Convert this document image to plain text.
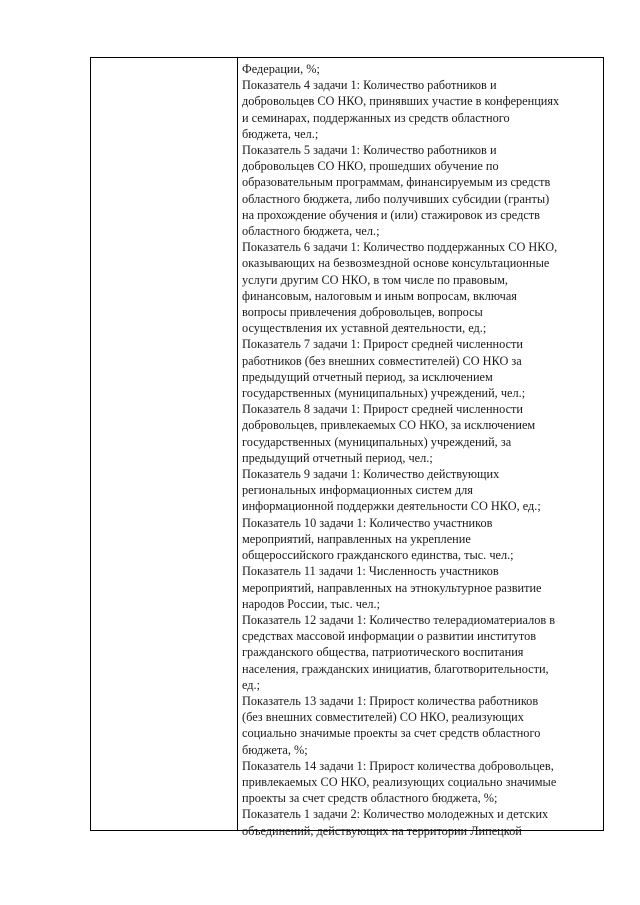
Федерации, %;
Показатель 4 задачи 1: Количество работников и
добровольцев СО НКО, принявших участие в конференциях
и семинарах, поддержанных из средств областного
бюджета, чел.;
Показатель 5 задачи 1: Количество работников и
добровольцев СО НКО, прошедших обучение по
образовательным программам, финансируемым из средств
областного бюджета, либо получивших субсидии (гранты)
на прохождение обучения и (или) стажировок из средств
областного бюджета, чел.;
Показатель 6 задачи 1: Количество поддержанных СО НКО,
оказывающих на безвозмездной основе консультационные
услуги другим СО НКО, в том числе по правовым,
финансовым, налоговым и иным вопросам, включая
вопросы привлечения добровольцев, вопросы
осуществления их уставной деятельности, ед.;
Показатель 7 задачи 1: Прирост средней численности
работников (без внешних совместителей) СО НКО за
предыдущий отчетный период, за исключением
государственных (муниципальных) учреждений, чел.;
Показатель 8 задачи 1: Прирост средней численности
добровольцев, привлекаемых СО НКО, за исключением
государственных (муниципальных) учреждений, за
предыдущий отчетный период, чел.;
Показатель 9 задачи 1: Количество действующих
региональных информационных систем для
информационной поддержки деятельности СО НКО, ед.;
Показатель 10 задачи 1: Количество участников
мероприятий, направленных на укрепление
общероссийского гражданского единства, тыс. чел.;
Показатель 11 задачи 1: Численность участников
мероприятий, направленных на этнокультурное развитие
народов России, тыс. чел.;
Показатель 12 задачи 1: Количество телерадиоматериалов в
средствах массовой информации о развитии институтов
гражданского общества, патриотического воспитания
населения, гражданских инициатив, благотворительности,
ед.;
Показатель 13 задачи 1: Прирост количества работников
(без внешних совместителей) СО НКО, реализующих
социально значимые проекты за счет средств областного
бюджета, %;
Показатель 14 задачи 1: Прирост количества добровольцев,
привлекаемых СО НКО, реализующих социально значимые
проекты за счет средств областного бюджета, %;
Показатель 1 задачи 2: Количество молодежных и детских
объединений, действующих на территории Липецкой
